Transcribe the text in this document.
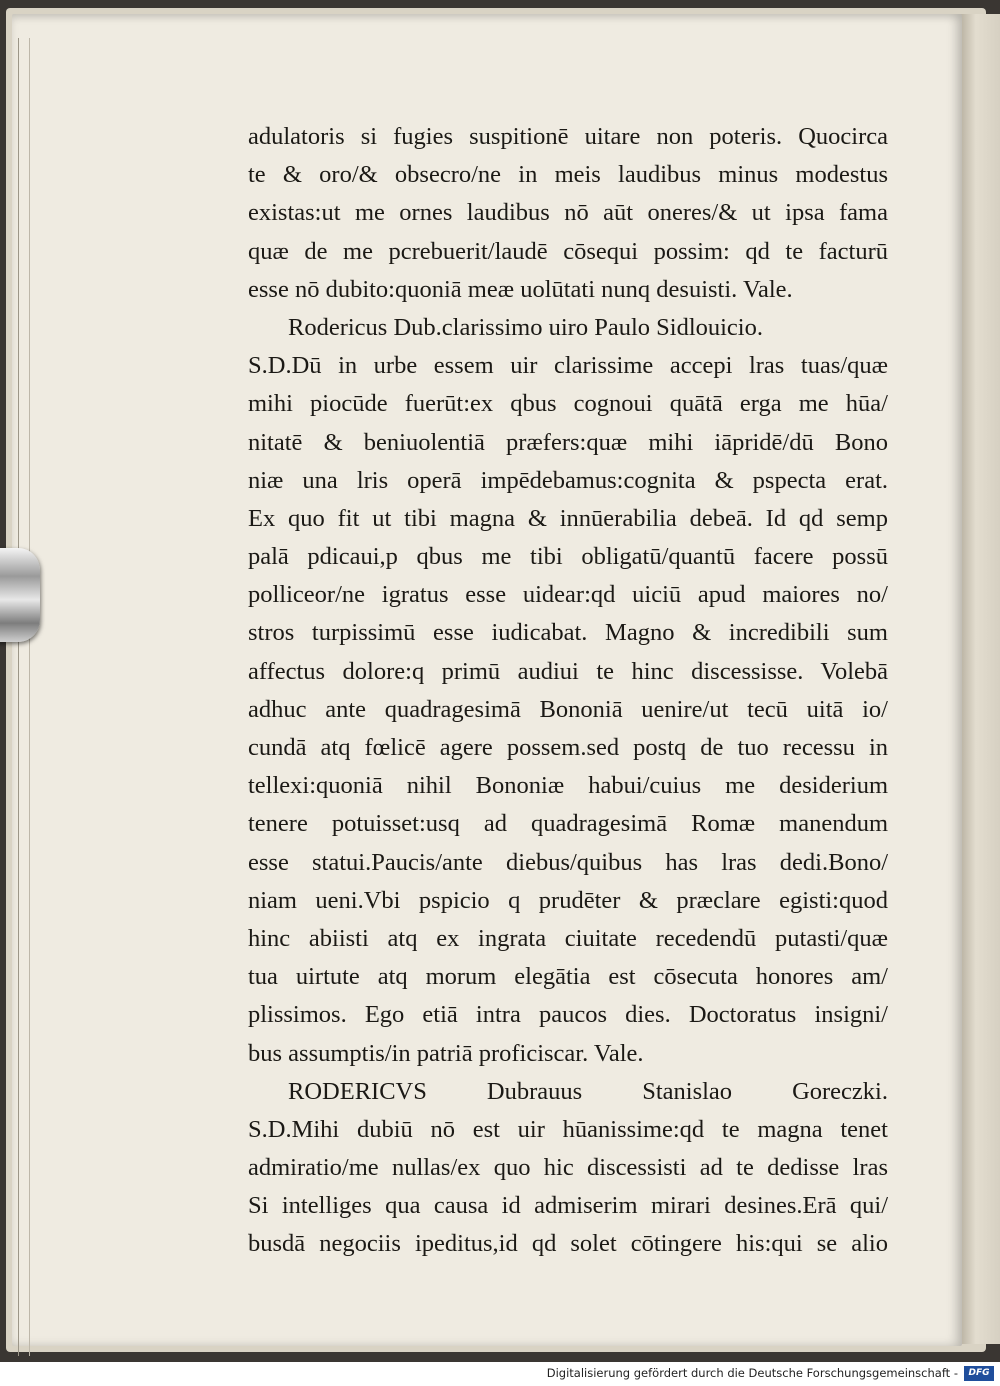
adulatoris si fugies suspitionē uitare non poteris. Quocirca
te & oro/& obsecro/ne in meis laudibus minus modestus
existas:ut me ornes laudibus nō aūt oneres/& ut ipsa fama
quæ de me pcrebuerit/laudē cōsequi possim: qd te facturū
esse nō dubito:quoniā meæ uolūtati nunq desuisti. Vale.
Rodericus Dub.clarissimo uiro Paulo Sidlouicio.
S.D.Dū in urbe essem uir clarissime accepi lras tuas/quæ
mihi piocūde fuerūt:ex qbus cognoui quātā erga me hūa/
nitatē & beniuolentiā præfers:quæ mihi iāpridē/dū Bono
niæ una lris operā impēdebamus:cognita & pspecta erat.
Ex quo fit ut tibi magna & innūerabilia debeā. Id qd semp
palā pdicaui,p qbus me tibi obligatū/quantū facere possū
polliceor/ne igratus esse uidear:qd uiciū apud maiores no/
stros turpissimū esse iudicabat. Magno & incredibili sum
affectus dolore:q primū audiui te hinc discessisse. Volebā
adhuc ante quadragesimā Bononiā uenire/ut tecū uitā io/
cundā atq fœlicē agere possem.sed postq de tuo recessu in
tellexi:quoniā nihil Bononiæ habui/cuius me desiderium
tenere potuisset:usq ad quadragesimā Romæ manendum
esse statui.Paucis/ante diebus/quibus has lras dedi.Bono/
niam ueni.Vbi pspicio q prudēter & præclare egisti:quod
hinc abiisti atq ex ingrata ciuitate recedendū putasti/quæ
tua uirtute atq morum elegātia est cōsecuta honores am/
plissimos. Ego etiā intra paucos dies. Doctoratus insigni/
bus assumptis/in patriā proficiscar. Vale.
RODERICVS Dubrauus Stanislao Goreczki.
S.D.Mihi dubiū nō est uir hūanissime:qd te magna tenet
admiratio/me nullas/ex quo hic discessisti ad te dedisse lras
Si intelliges qua causa id admiserim mirari desines.Erā qui/
busdā negociis ipeditus,id qd solet cōtingere his:qui se alio
Digitalisierung gefördert durch die Deutsche Forschungsgemeinschaft -	DFG
